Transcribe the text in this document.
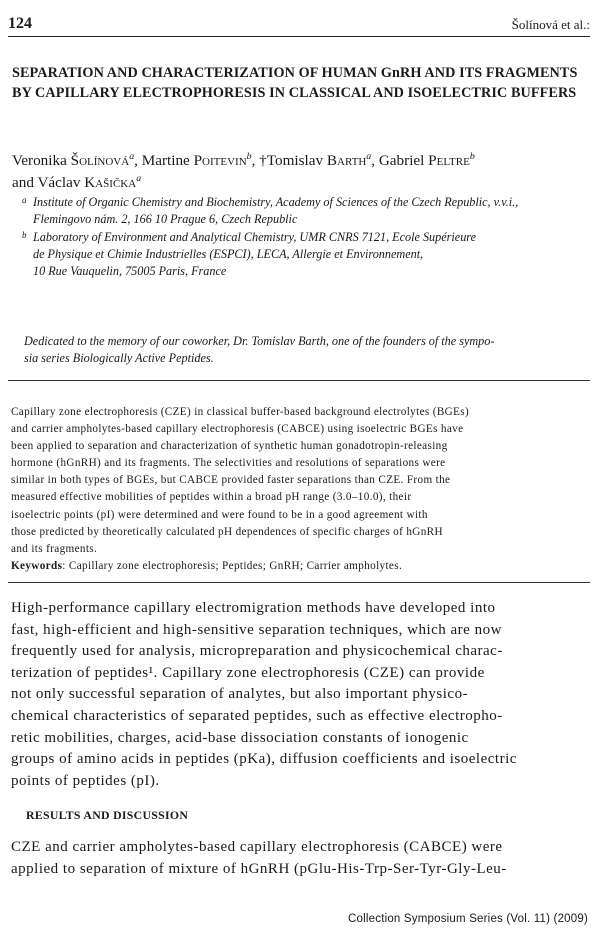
124	Šolínová et al.:
SEPARATION AND CHARACTERIZATION OF HUMAN GnRH AND ITS FRAGMENTS BY CAPILLARY ELECTROPHORESIS IN CLASSICAL AND ISOELECTRIC BUFFERS

Veronika Šolínová$^a$, Martine Poitevin$^b$, †Tomislav Barth$^a$, Gabriel Peltre$^b$
and Václav Kašička$^a$

a Institute of Organic Chemistry and Biochemistry, Academy of Sciences of the Czech Republic, v.v.i.,
Flemingovo nám. 2, 166 10 Prague 6, Czech Republic
b Laboratory of Environment and Analytical Chemistry, UMR CNRS 7121, Ecole Supérieure
de Physique et Chimie Industrielles (ESPCI), LECA, Allergie et Environnement,
10 Rue Vauquelin, 75005 Paris, France
Dedicated to the memory of our coworker, Dr. Tomislav Barth, one of the founders of the sympo-
sia series Biologically Active Peptides.
Capillary zone electrophoresis (CZE) in classical buffer-based background electrolytes (BGEs)
and carrier ampholytes-based capillary electrophoresis (CABCE) using isoelectric BGEs have
been applied to separation and characterization of synthetic human gonadotropin-releasing
hormone (hGnRH) and its fragments. The selectivities and resolutions of separations were
similar in both types of BGEs, but CABCE provided faster separations than CZE. From the
measured effective mobilities of peptides within a broad pH range (3.0–10.0), their
isoelectric points (pI) were determined and were found to be in a good agreement with
those predicted by theoretically calculated pH dependences of specific charges of hGnRH
and its fragments.
Keywords: Capillary zone electrophoresis; Peptides; GnRH; Carrier ampholytes.
High-performance capillary electromigration methods have developed into
fast, high-efficient and high-sensitive separation techniques, which are now
frequently used for analysis, micropreparation and physicochemical charac-
terization of peptides¹. Capillary zone electrophoresis (CZE) can provide
not only successful separation of analytes, but also important physico-
chemical characteristics of separated peptides, such as effective electropho-
retic mobilities, charges, acid-base dissociation constants of ionogenic
groups of amino acids in peptides (pKa), diffusion coefficients and isoelectric
points of peptides (pI).
RESULTS AND DISCUSSION
CZE and carrier ampholytes-based capillary electrophoresis (CABCE) were
applied to separation of mixture of hGnRH (pGlu-His-Trp-Ser-Tyr-Gly-Leu-
Collection Symposium Series (Vol. 11) (2009)
